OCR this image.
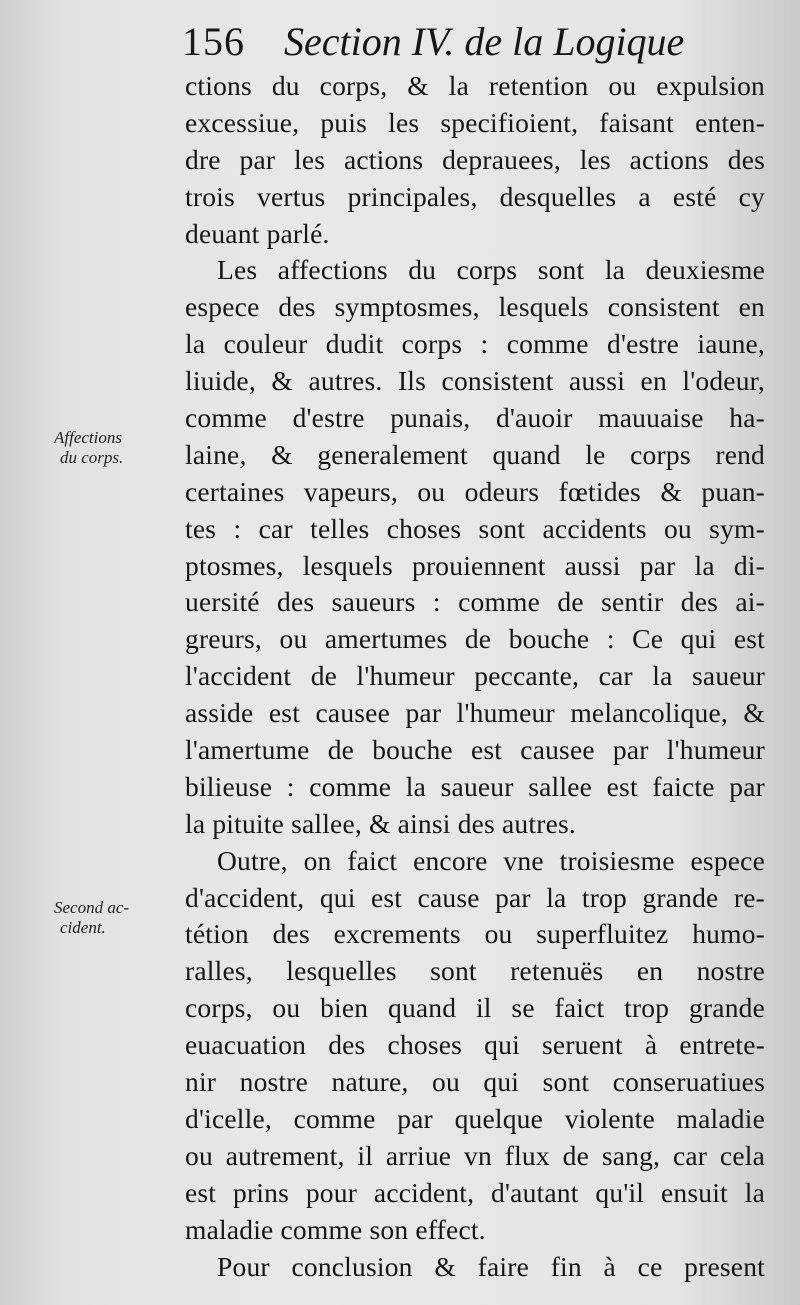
156 Section IV. de la Logique
Affections
du corps.
Second ac-
cident.
ctions du corps, & la retention ou expulsion
excessiue, puis les specifioient, faisant enten-
dre par les actions deprauees, les actions des
trois vertus principales, desquelles a esté cy
deuant parlé.
Les affections du corps sont la deuxiesme
espece des symptosmes, lesquels consistent en
la couleur dudit corps : comme d'estre iaune,
liuide, & autres. Ils consistent aussi en l'odeur,
comme d'estre punais, d'auoir mauuaise ha-
laine, & generalement quand le corps rend
certaines vapeurs, ou odeurs fœtides & puan-
tes : car telles choses sont accidents ou sym-
ptosmes, lesquels prouiennent aussi par la di-
uersité des saueurs : comme de sentir des ai-
greurs, ou amertumes de bouche : Ce qui est
l'accident de l'humeur peccante, car la saueur
asside est causee par l'humeur melancolique, &
l'amertume de bouche est causee par l'humeur
bilieuse : comme la saueur sallee est faicte par
la pituite sallee, & ainsi des autres.
Outre, on faict encore vne troisiesme espece
d'accident, qui est cause par la trop grande re-
tétion des excrements ou superfluitez humo-
ralles, lesquelles sont retenuës en nostre
corps, ou bien quand il se faict trop grande
euacuation des choses qui seruent à entrete-
nir nostre nature, ou qui sont conseruatiues
d'icelle, comme par quelque violente maladie
ou autrement, il arriue vn flux de sang, car cela
est prins pour accident, d'autant qu'il ensuit la
maladie comme son effect.
Pour conclusion & faire fin à ce present
